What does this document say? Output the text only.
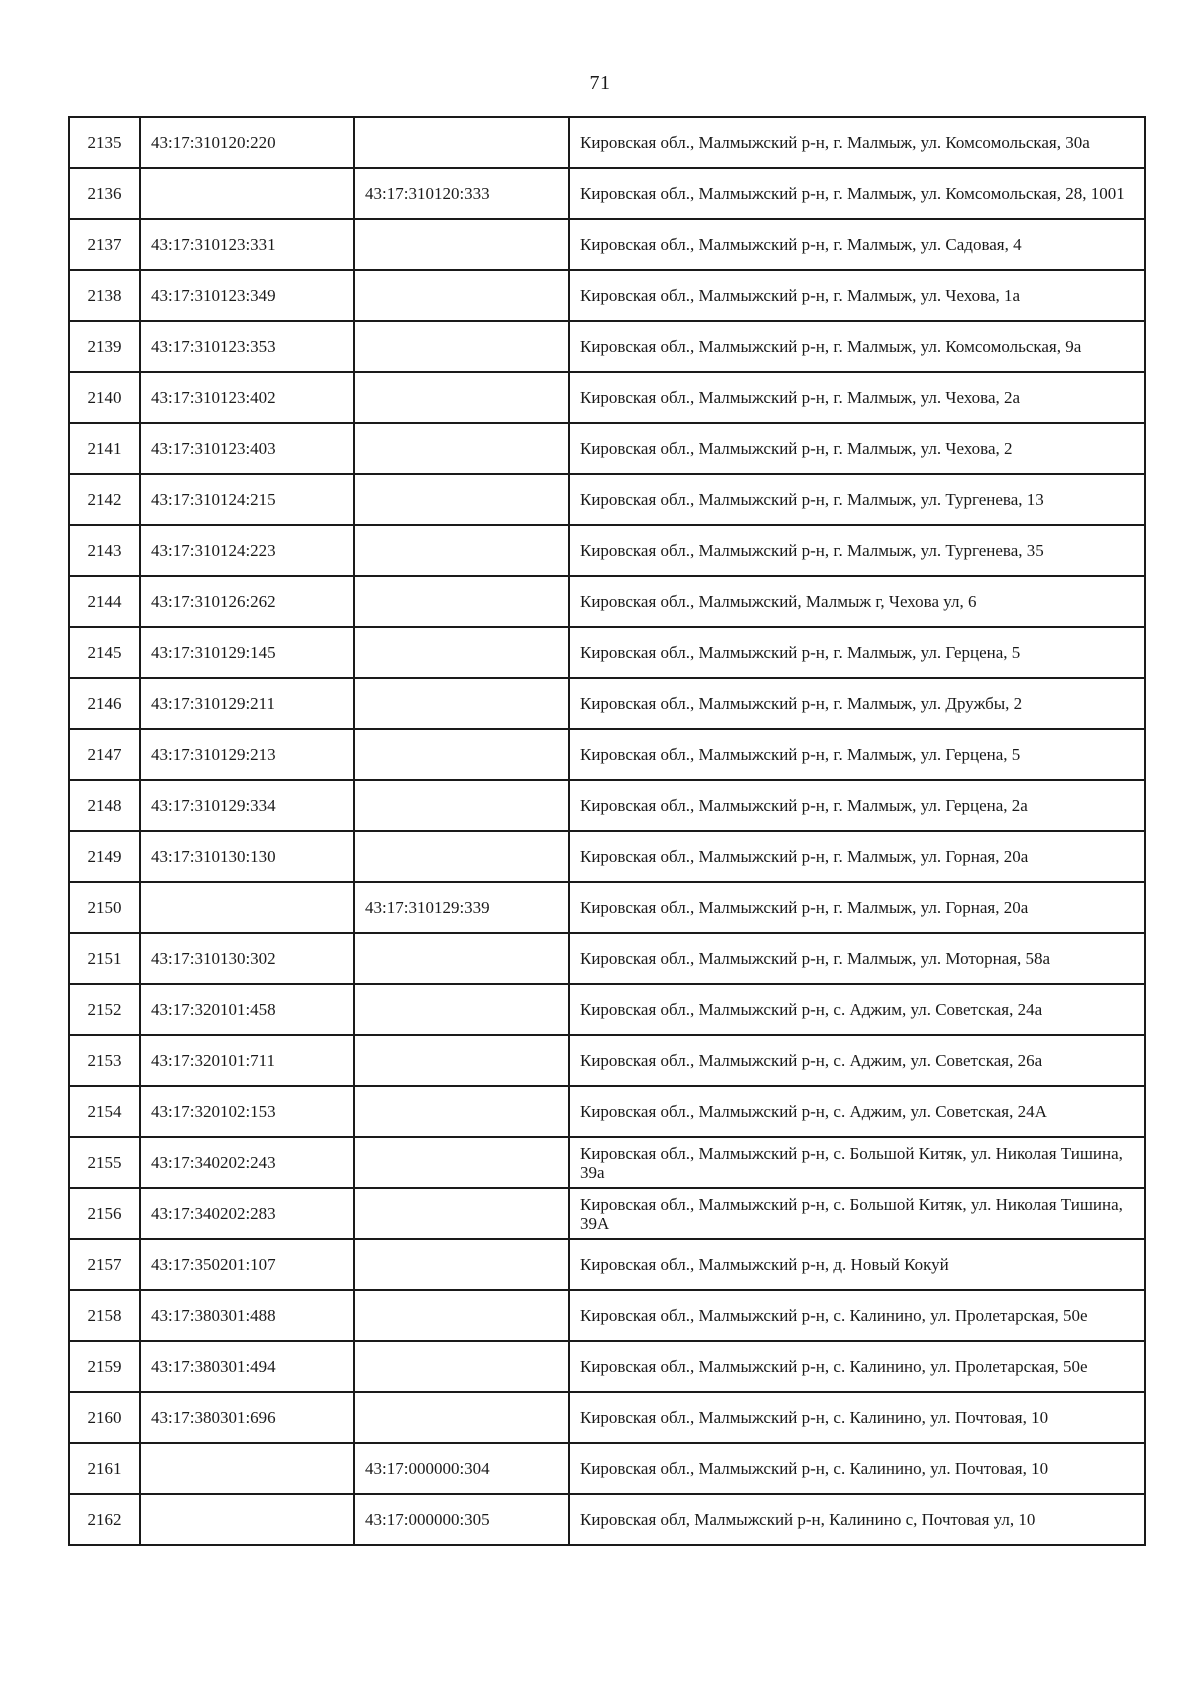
71
2135	43:17:310120:220		Кировская обл., Малмыжский р-н, г. Малмыж, ул. Комсомольская, 30а
2136		43:17:310120:333	Кировская обл., Малмыжский р-н, г. Малмыж, ул. Комсомольская, 28, 1001
2137	43:17:310123:331		Кировская обл., Малмыжский р-н, г. Малмыж, ул. Садовая, 4
2138	43:17:310123:349		Кировская обл., Малмыжский р-н, г. Малмыж, ул. Чехова, 1а
2139	43:17:310123:353		Кировская обл., Малмыжский р-н, г. Малмыж, ул. Комсомольская, 9а
2140	43:17:310123:402		Кировская обл., Малмыжский р-н, г. Малмыж, ул. Чехова, 2а
2141	43:17:310123:403		Кировская обл., Малмыжский р-н, г. Малмыж, ул. Чехова, 2
2142	43:17:310124:215		Кировская обл., Малмыжский р-н, г. Малмыж, ул. Тургенева, 13
2143	43:17:310124:223		Кировская обл., Малмыжский р-н, г. Малмыж, ул. Тургенева, 35
2144	43:17:310126:262		Кировская обл., Малмыжский, Малмыж г, Чехова ул, 6
2145	43:17:310129:145		Кировская обл., Малмыжский р-н, г. Малмыж, ул. Герцена, 5
2146	43:17:310129:211		Кировская обл., Малмыжский р-н, г. Малмыж, ул. Дружбы, 2
2147	43:17:310129:213		Кировская обл., Малмыжский р-н, г. Малмыж, ул. Герцена, 5
2148	43:17:310129:334		Кировская обл., Малмыжский р-н, г. Малмыж, ул. Герцена, 2а
2149	43:17:310130:130		Кировская обл., Малмыжский р-н, г. Малмыж, ул. Горная, 20а
2150		43:17:310129:339	Кировская обл., Малмыжский р-н, г. Малмыж, ул. Горная, 20а
2151	43:17:310130:302		Кировская обл., Малмыжский р-н, г. Малмыж, ул. Моторная, 58а
2152	43:17:320101:458		Кировская обл., Малмыжский р-н, с. Аджим, ул. Советская, 24а
2153	43:17:320101:711		Кировская обл., Малмыжский р-н, с. Аджим, ул. Советская, 26а
2154	43:17:320102:153		Кировская обл., Малмыжский р-н, с. Аджим, ул. Советская, 24А
2155	43:17:340202:243		Кировская обл., Малмыжский р-н, с. Большой Китяк, ул. Николая Тишина, 39а
2156	43:17:340202:283		Кировская обл., Малмыжский р-н, с. Большой Китяк, ул. Николая Тишина, 39А
2157	43:17:350201:107		Кировская обл., Малмыжский р-н, д. Новый Кокуй
2158	43:17:380301:488		Кировская обл., Малмыжский р-н, с. Калинино, ул. Пролетарская, 50е
2159	43:17:380301:494		Кировская обл., Малмыжский р-н, с. Калинино, ул. Пролетарская, 50е
2160	43:17:380301:696		Кировская обл., Малмыжский р-н, с. Калинино, ул. Почтовая, 10
2161		43:17:000000:304	Кировская обл., Малмыжский р-н, с. Калинино, ул. Почтовая, 10
2162		43:17:000000:305	Кировская обл, Малмыжский р-н, Калинино с, Почтовая ул, 10
